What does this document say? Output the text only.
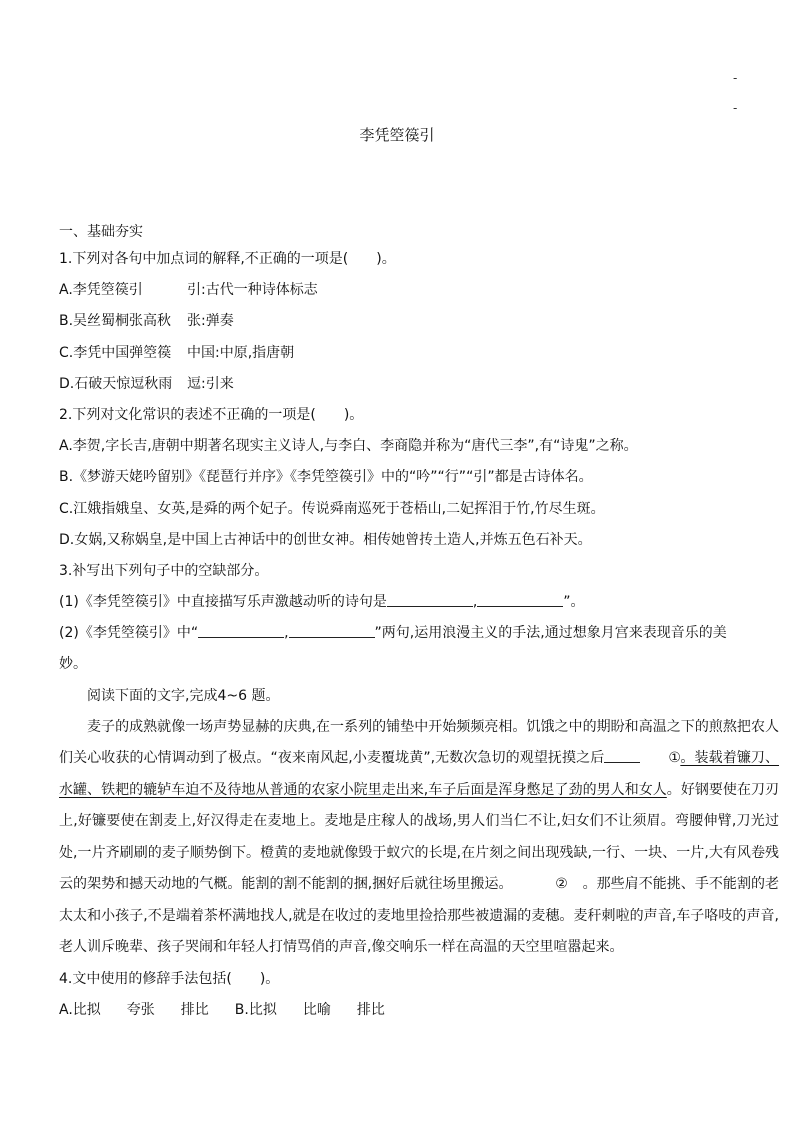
-
-
李凭箜篌引
一、基础夯实
1.下列对各句中加点词的解释,不正确的一项是(　　)。
A.李凭箜篌引	引:古代一种诗体标志
B.吴丝蜀桐张高秋 张:弹奏
C.李凭中国弹箜篌 中国:中原,指唐朝
D.石破天惊逗秋雨 逗:引来
2.下列对文化常识的表述不正确的一项是(　　)。
A.李贺,字长吉,唐朝中期著名现实主义诗人,与李白、李商隐并称为“唐代三李”,有“诗鬼”之称。
B.《梦游天姥吟留别》《琵琶行并序》《李凭箜篌引》中的“吟”“行”“引”都是古诗体名。
C.江娥指娥皇、女英,是舜的两个妃子。传说舜南巡死于苍梧山,二妃挥泪于竹,竹尽生斑。
D.女娲,又称娲皇,是中国上古神话中的创世女神。相传她曾抟土造人,并炼五色石补天。
3.补写出下列句子中的空缺部分。
(1)《李凭箜篌引》中直接描写乐声激越动听的诗句是	,	”。
(2)《李凭箜篌引》中“	,	”两句,运用浪漫主义的手法,通过想象月宫来表现音乐的美
妙。
阅读下面的文字,完成4~6 题。
麦子的成熟就像一场声势显赫的庆典,在一系列的铺垫中开始频频亮相。饥饿之中的期盼和高温之下的煎熬把农人们关心收获的心情调动到了极点。“夜来南风起,小麦覆垅黄”,无数次急切的观望抚摸之后	①。装载着镰刀、水罐、铁耙的辘轳车迫不及待地从普通的农家小院里走出来,车子后面是浑身憋足了劲的男人和女人。好钢要使在刀刃上,好镰要使在割麦上,好汉得走在麦地上。麦地是庄稼人的战场,男人们当仁不让,妇女们不让须眉。弯腰伸臂,刀光过处,一片齐刷刷的麦子顺势倒下。橙黄的麦地就像毁于蚁穴的长堤,在片刻之间出现残缺,一行、一块、一片,大有风卷残云的架势和撼天动地的气概。能割的割不能割的捆,捆好后就往场里搬运。	② 。那些肩不能挑、手不能割的老太太和小孩子,不是端着茶杯满地找人,就是在收过的麦地里捡拾那些被遗漏的麦穗。麦秆刺啦的声音,车子咯吱的声音,老人训斥晚辈、孩子哭闹和年轻人打情骂俏的声音,像交响乐一样在高温的天空里喧嚣起来。
4.文中使用的修辞手法包括(　　)。
A.比拟 夸张 排比 B.比拟 比喻 排比
